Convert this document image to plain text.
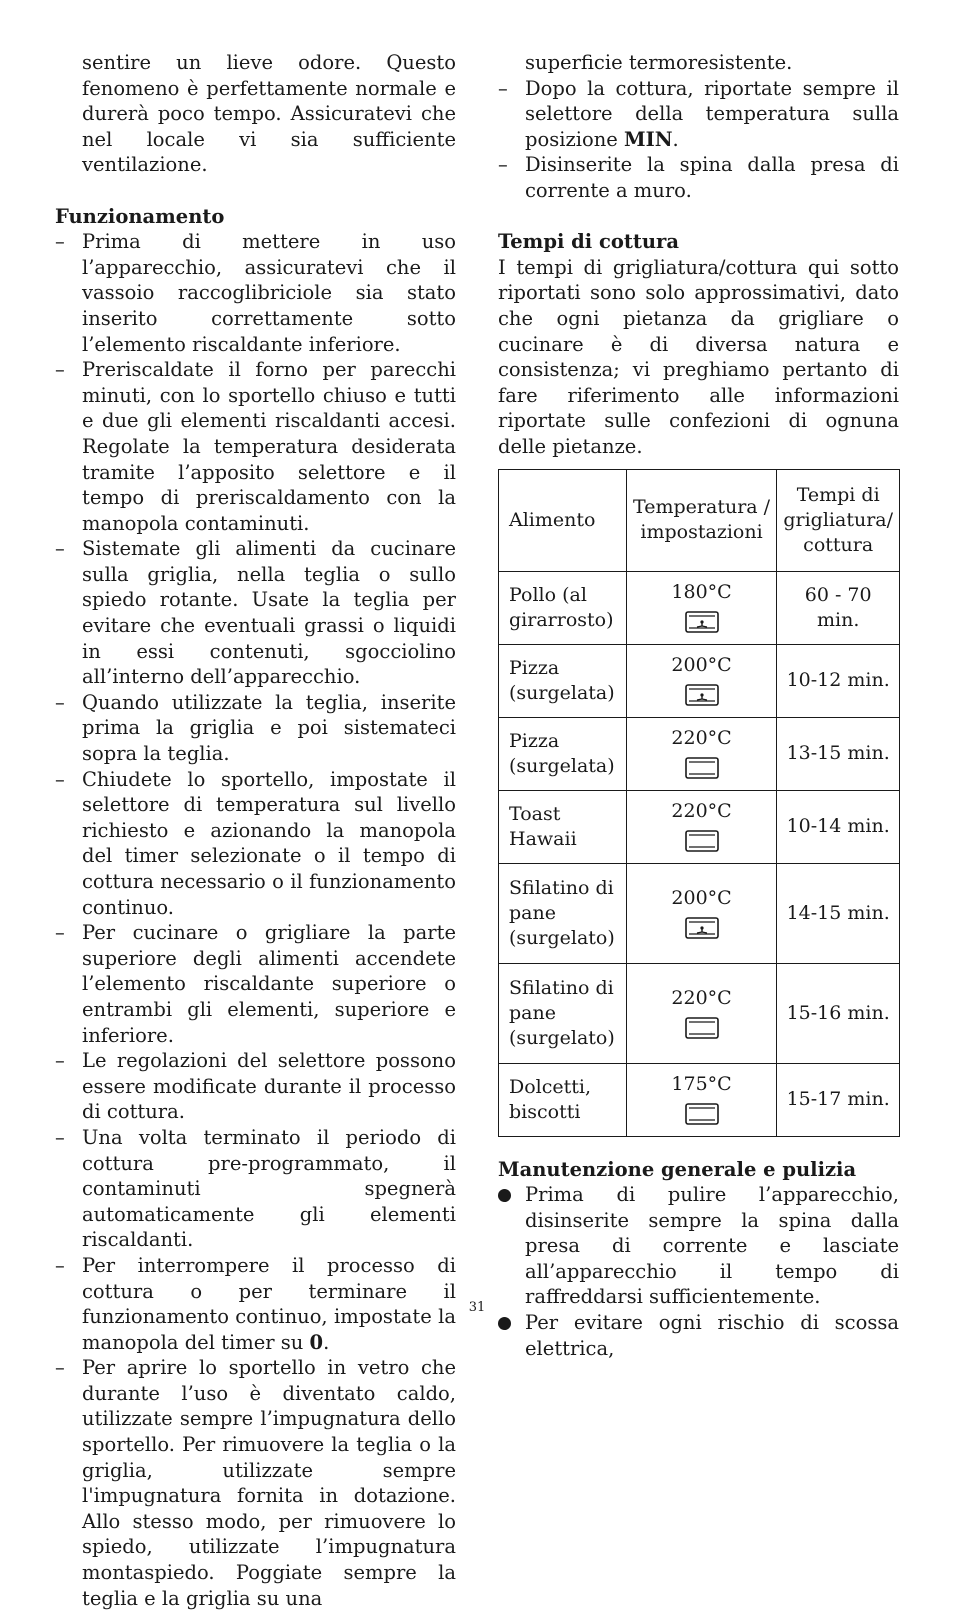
sentire un lieve odore. Questo fenomeno è perfettamente normale e durerà poco tempo. Assicuratevi che nel locale vi sia sufficiente ventilazione.

Funzionamento

– Prima di mettere in uso l’apparecchio, assicuratevi che il vassoio raccoglibriciole sia stato inserito correttamente sotto l’elemento riscaldante inferiore.
– Preriscaldate il forno per parecchi minuti, con lo sportello chiuso e tutti e due gli elementi riscaldanti accesi. Regolate la temperatura desiderata tramite l’apposito selettore e il tempo di preriscaldamento con la manopola contaminuti.
– Sistemate gli alimenti da cucinare sulla griglia, nella teglia o sullo spiedo rotante. Usate la teglia per evitare che eventuali grassi o liquidi in essi contenuti, sgocciolino all’interno dell’apparecchio.
– Quando utilizzate la teglia, inserite prima la griglia e poi sistemateci sopra la teglia.
– Chiudete lo sportello, impostate il selettore di temperatura sul livello richiesto e azionando la manopola del timer selezionate o il tempo di cottura necessario o il funzionamento continuo.
– Per cucinare o grigliare la parte superiore degli alimenti accendete l’elemento riscaldante superiore o entrambi gli elementi, superiore e inferiore.
– Le regolazioni del selettore possono essere modificate durante il processo di cottura.
– Una volta terminato il periodo di cottura pre-programmato, il contaminuti spegnerà automaticamente gli elementi riscaldanti.
– Per interrompere il processo di cottura o per terminare il funzionamento continuo, impostate la manopola del timer su 0.
– Per aprire lo sportello in vetro che durante l’uso è diventato caldo, utilizzate sempre l’impugnatura dello sportello. Per rimuovere la teglia o la griglia, utilizzate sempre l'impugnatura fornita in dotazione. Allo stesso modo, per rimuovere lo spiedo, utilizzate l’impugnatura montaspiedo. Poggiate sempre la teglia e la griglia su una

superficie termoresistente.

– Dopo la cottura, riportate sempre il selettore della temperatura sulla posizione MIN.
– Disinserite la spina dalla presa di corrente a muro.

Tempi di cottura

I tempi di grigliatura/cottura qui sotto riportati sono solo approssimativi, dato che ogni pietanza da grigliare o cucinare è di diversa natura e consistenza; vi preghiamo pertanto di fare riferimento alle informazioni riportate sulle confezioni di ognuna delle pietanze.

Alimento	Temperatura / impostazioni	Tempi di grigliatura/ cottura
Pollo (al girarrosto)	180°C	60 - 70 min.
Pizza (surgelata)	200°C	10-12 min.
Pizza (surgelata)	220°C	13-15 min.
Toast Hawaii	220°C	10-14 min.
Sfilatino di pane (surgelato)	200°C	14-15 min.
Sfilatino di pane (surgelato)	220°C	15-16 min.
Dolcetti, biscotti	175°C	15-17 min.

Manutenzione generale e pulizia

Prima di pulire l’apparecchio, disinserite sempre la spina dalla presa di corrente e lasciate all’apparecchio il tempo di raffreddarsi sufficientemente.
Per evitare ogni rischio di scossa elettrica,
31
